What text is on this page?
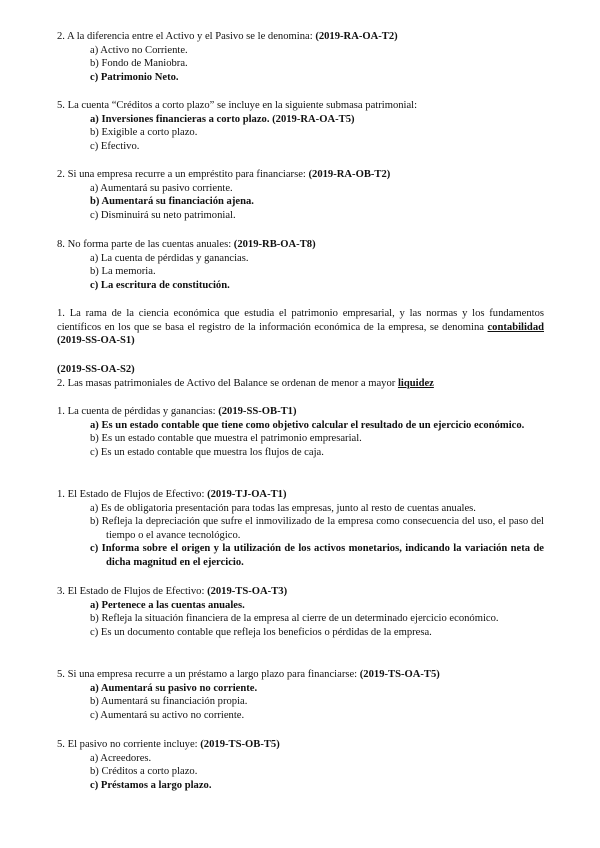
2. A la diferencia entre el Activo y el Pasivo se le denomina: (2019-RA-OA-T2)

a) Activo no Corriente.
b) Fondo de Maniobra.
c) Patrimonio Neto.

5. La cuenta “Créditos a corto plazo” se incluye en la siguiente submasa patrimonial:

a) Inversiones financieras a corto plazo. (2019-RA-OA-T5)
b) Exigible a corto plazo.
c) Efectivo.

2. Si una empresa recurre a un empréstito para financiarse: (2019-RA-OB-T2)

a) Aumentará su pasivo corriente.
b) Aumentará su financiación ajena.
c) Disminuirá su neto patrimonial.

8. No forma parte de las cuentas anuales: (2019-RB-OA-T8)

a) La cuenta de pérdidas y ganancias.
b) La memoria.
c) La escritura de constitución.

1. La rama de la ciencia económica que estudia el patrimonio empresarial, y las normas y los fundamentos científicos en los que se basa el registro de la información económica de la empresa, se denomina contabilidad (2019-SS-OA-S1)

(2019-SS-OA-S2)

2. Las masas patrimoniales de Activo del Balance se ordenan de menor a mayor liquidez

1. La cuenta de pérdidas y ganancias: (2019-SS-OB-T1)

a) Es un estado contable que tiene como objetivo calcular el resultado de un ejercicio económico.
b) Es un estado contable que muestra el patrimonio empresarial.
c) Es un estado contable que muestra los flujos de caja.

1. El Estado de Flujos de Efectivo: (2019-TJ-OA-T1)

a) Es de obligatoria presentación para todas las empresas, junto al resto de cuentas anuales.
b) Refleja la depreciación que sufre el inmovilizado de la empresa como consecuencia del uso, el paso del tiempo o el avance tecnológico.
c) Informa sobre el origen y la utilización de los activos monetarios, indicando la variación neta de dicha magnitud en el ejercicio.

3. El Estado de Flujos de Efectivo: (2019-TS-OA-T3)

a) Pertenece a las cuentas anuales.
b) Refleja la situación financiera de la empresa al cierre de un determinado ejercicio económico.
c) Es un documento contable que refleja los beneficios o pérdidas de la empresa.

5. Si una empresa recurre a un préstamo a largo plazo para financiarse: (2019-TS-OA-T5)

a) Aumentará su pasivo no corriente.
b) Aumentará su financiación propia.
c) Aumentará su activo no corriente.

5. El pasivo no corriente incluye: (2019-TS-OB-T5)

a) Acreedores.
b) Créditos a corto plazo.
c) Préstamos a largo plazo.
